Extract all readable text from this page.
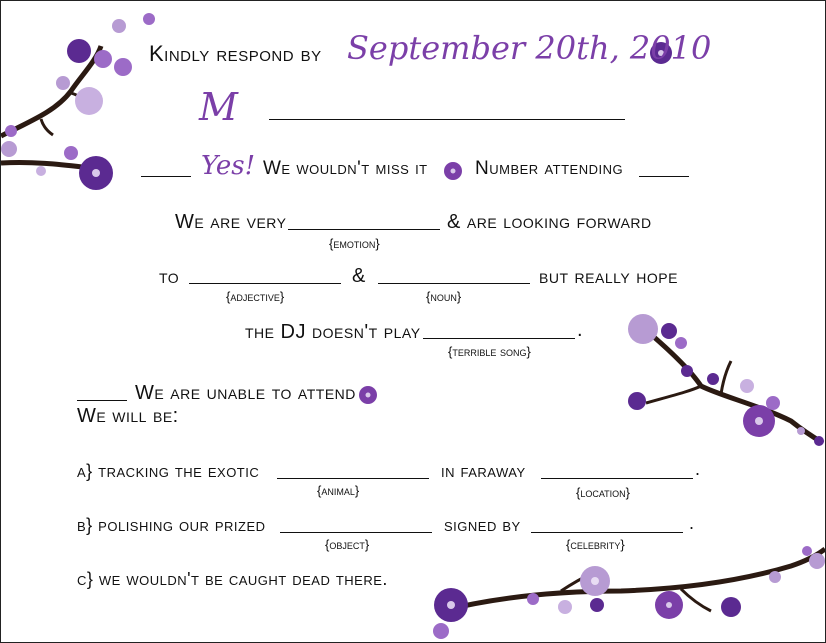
Kindly respond by September 20th, 2010
M
Yes! We wouldn't miss it Number attending
We are very	& are looking forward
{emotion}
to	&	but really hope
{adjective}	{noun}
the DJ doesn't play	.
{terrible song}
We are unable to attend
We will be:
a} tracking the exotic	in faraway	.
{animal}	{location}
b} polishing our prized	signed by	.
{object}	{celebrity}
c} we wouldn't be caught dead there.
